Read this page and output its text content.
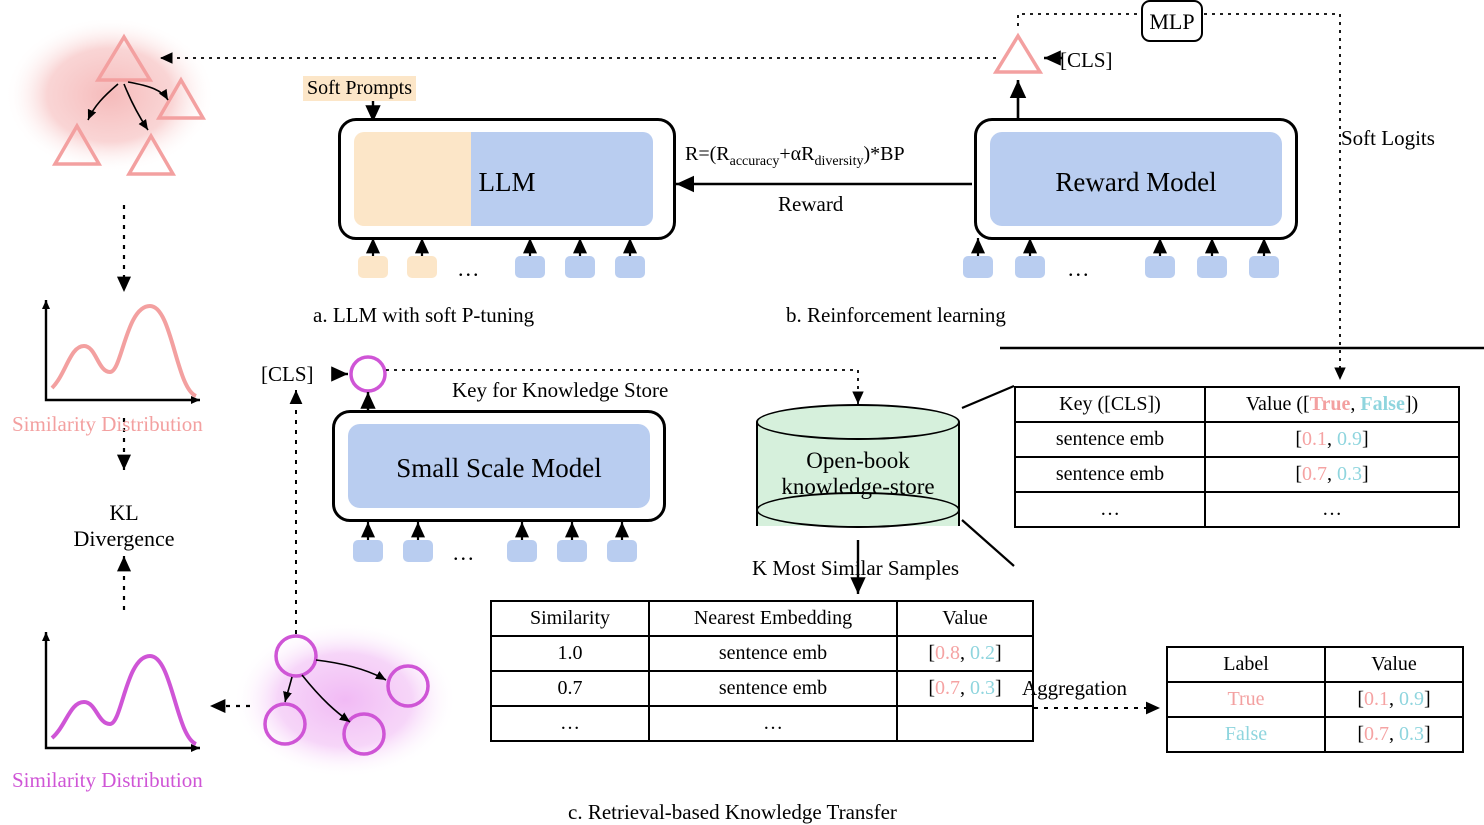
LLM
Soft Prompts
...
a. LLM with soft P-tuning
Reward Model
...
[CLS]
MLP
Soft Logits
$R=(R_{accuracy}+\alpha R_{diversity})*BP$
Reward
b. Reinforcement learning
[CLS]
Key for Knowledge Store
Small Scale Model
...
Open-book
knowledge-store
K Most Similar Samples
Key ([CLS])	Value ([True, False])
sentence emb	[0.1, 0.9]
sentence emb	[0.7, 0.3]
…	…
Similarity	Nearest Embedding	Value
1.0	sentence emb	[0.8, 0.2]
0.7	sentence emb	[0.7, 0.3]
…	…	
Aggregation
Label	Value
True	[0.1, 0.9]
False	[0.7, 0.3]
c. Retrieval-based Knowledge Transfer
Similarity Distribution
KL
Divergence
Similarity Distribution
